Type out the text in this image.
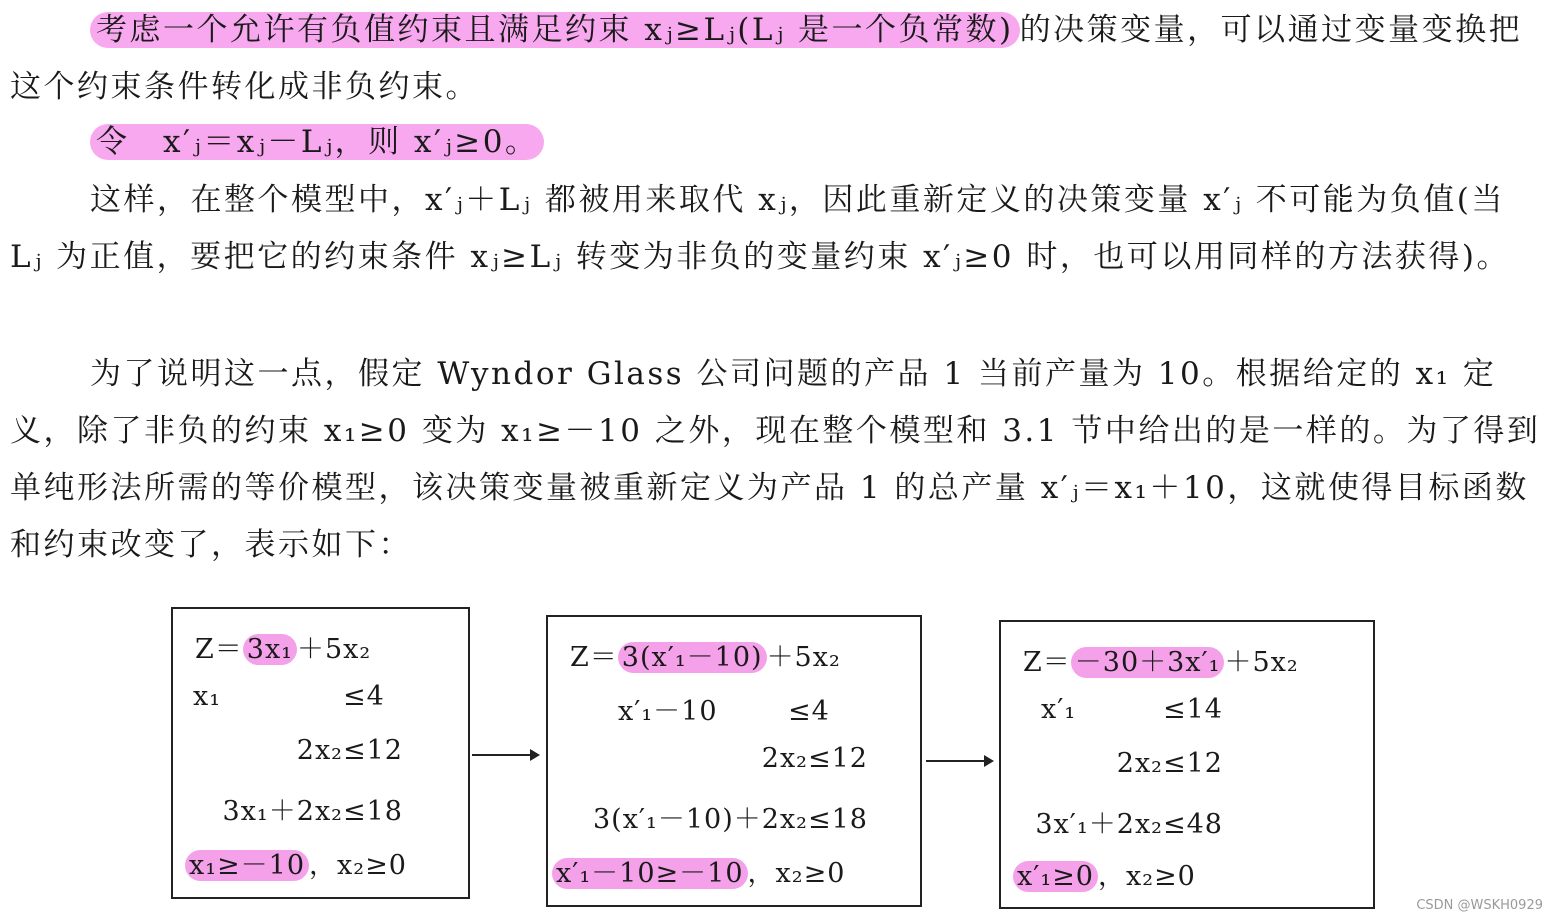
考虑一个允许有负值约束且满足约束 xⱼ≥Lⱼ(Lⱼ 是一个负常数) 的决策变量，可以通过变量变换把这个约束条件转化成非负约束。

令　x′ⱼ＝xⱼ－Lⱼ，则 x′ⱼ≥0。

这样，在整个模型中，x′ⱼ＋Lⱼ 都被用来取代 xⱼ，因此重新定义的决策变量 x′ⱼ 不可能为负值(当 Lⱼ 为正值，要把它的约束条件 xⱼ≥Lⱼ 转变为非负的变量约束 x′ⱼ≥0 时，也可以用同样的方法获得)。

为了说明这一点，假定 Wyndor Glass 公司问题的产品 1 当前产量为 10。根据给定的 x₁ 定义，除了非负的约束 x₁≥0 变为 x₁≥－10 之外，现在整个模型和 3.1 节中给出的是一样的。为了得到单纯形法所需的等价模型，该决策变量被重新定义为产品 1 的总产量 x′ⱼ＝x₁＋10，这就使得目标函数和约束改变了，表示如下：

Z＝ 3x₁ ＋5x₂
x₁	≤4
2x₂≤12
3x₁＋2x₂≤18
x₁≥－10 ，x₂≥0
Z＝ 3(x′₁－10) ＋5x₂
x′₁－10	≤4
2x₂≤12
3(x′₁－10)＋2x₂≤18
x′₁－10≥－10 ，x₂≥0
Z＝ －30＋3x′₁ ＋5x₂
x′₁	≤14
2x₂≤12
3x′₁＋2x₂≤48
x′₁≥0 ，x₂≥0
CSDN @WSKH0929
